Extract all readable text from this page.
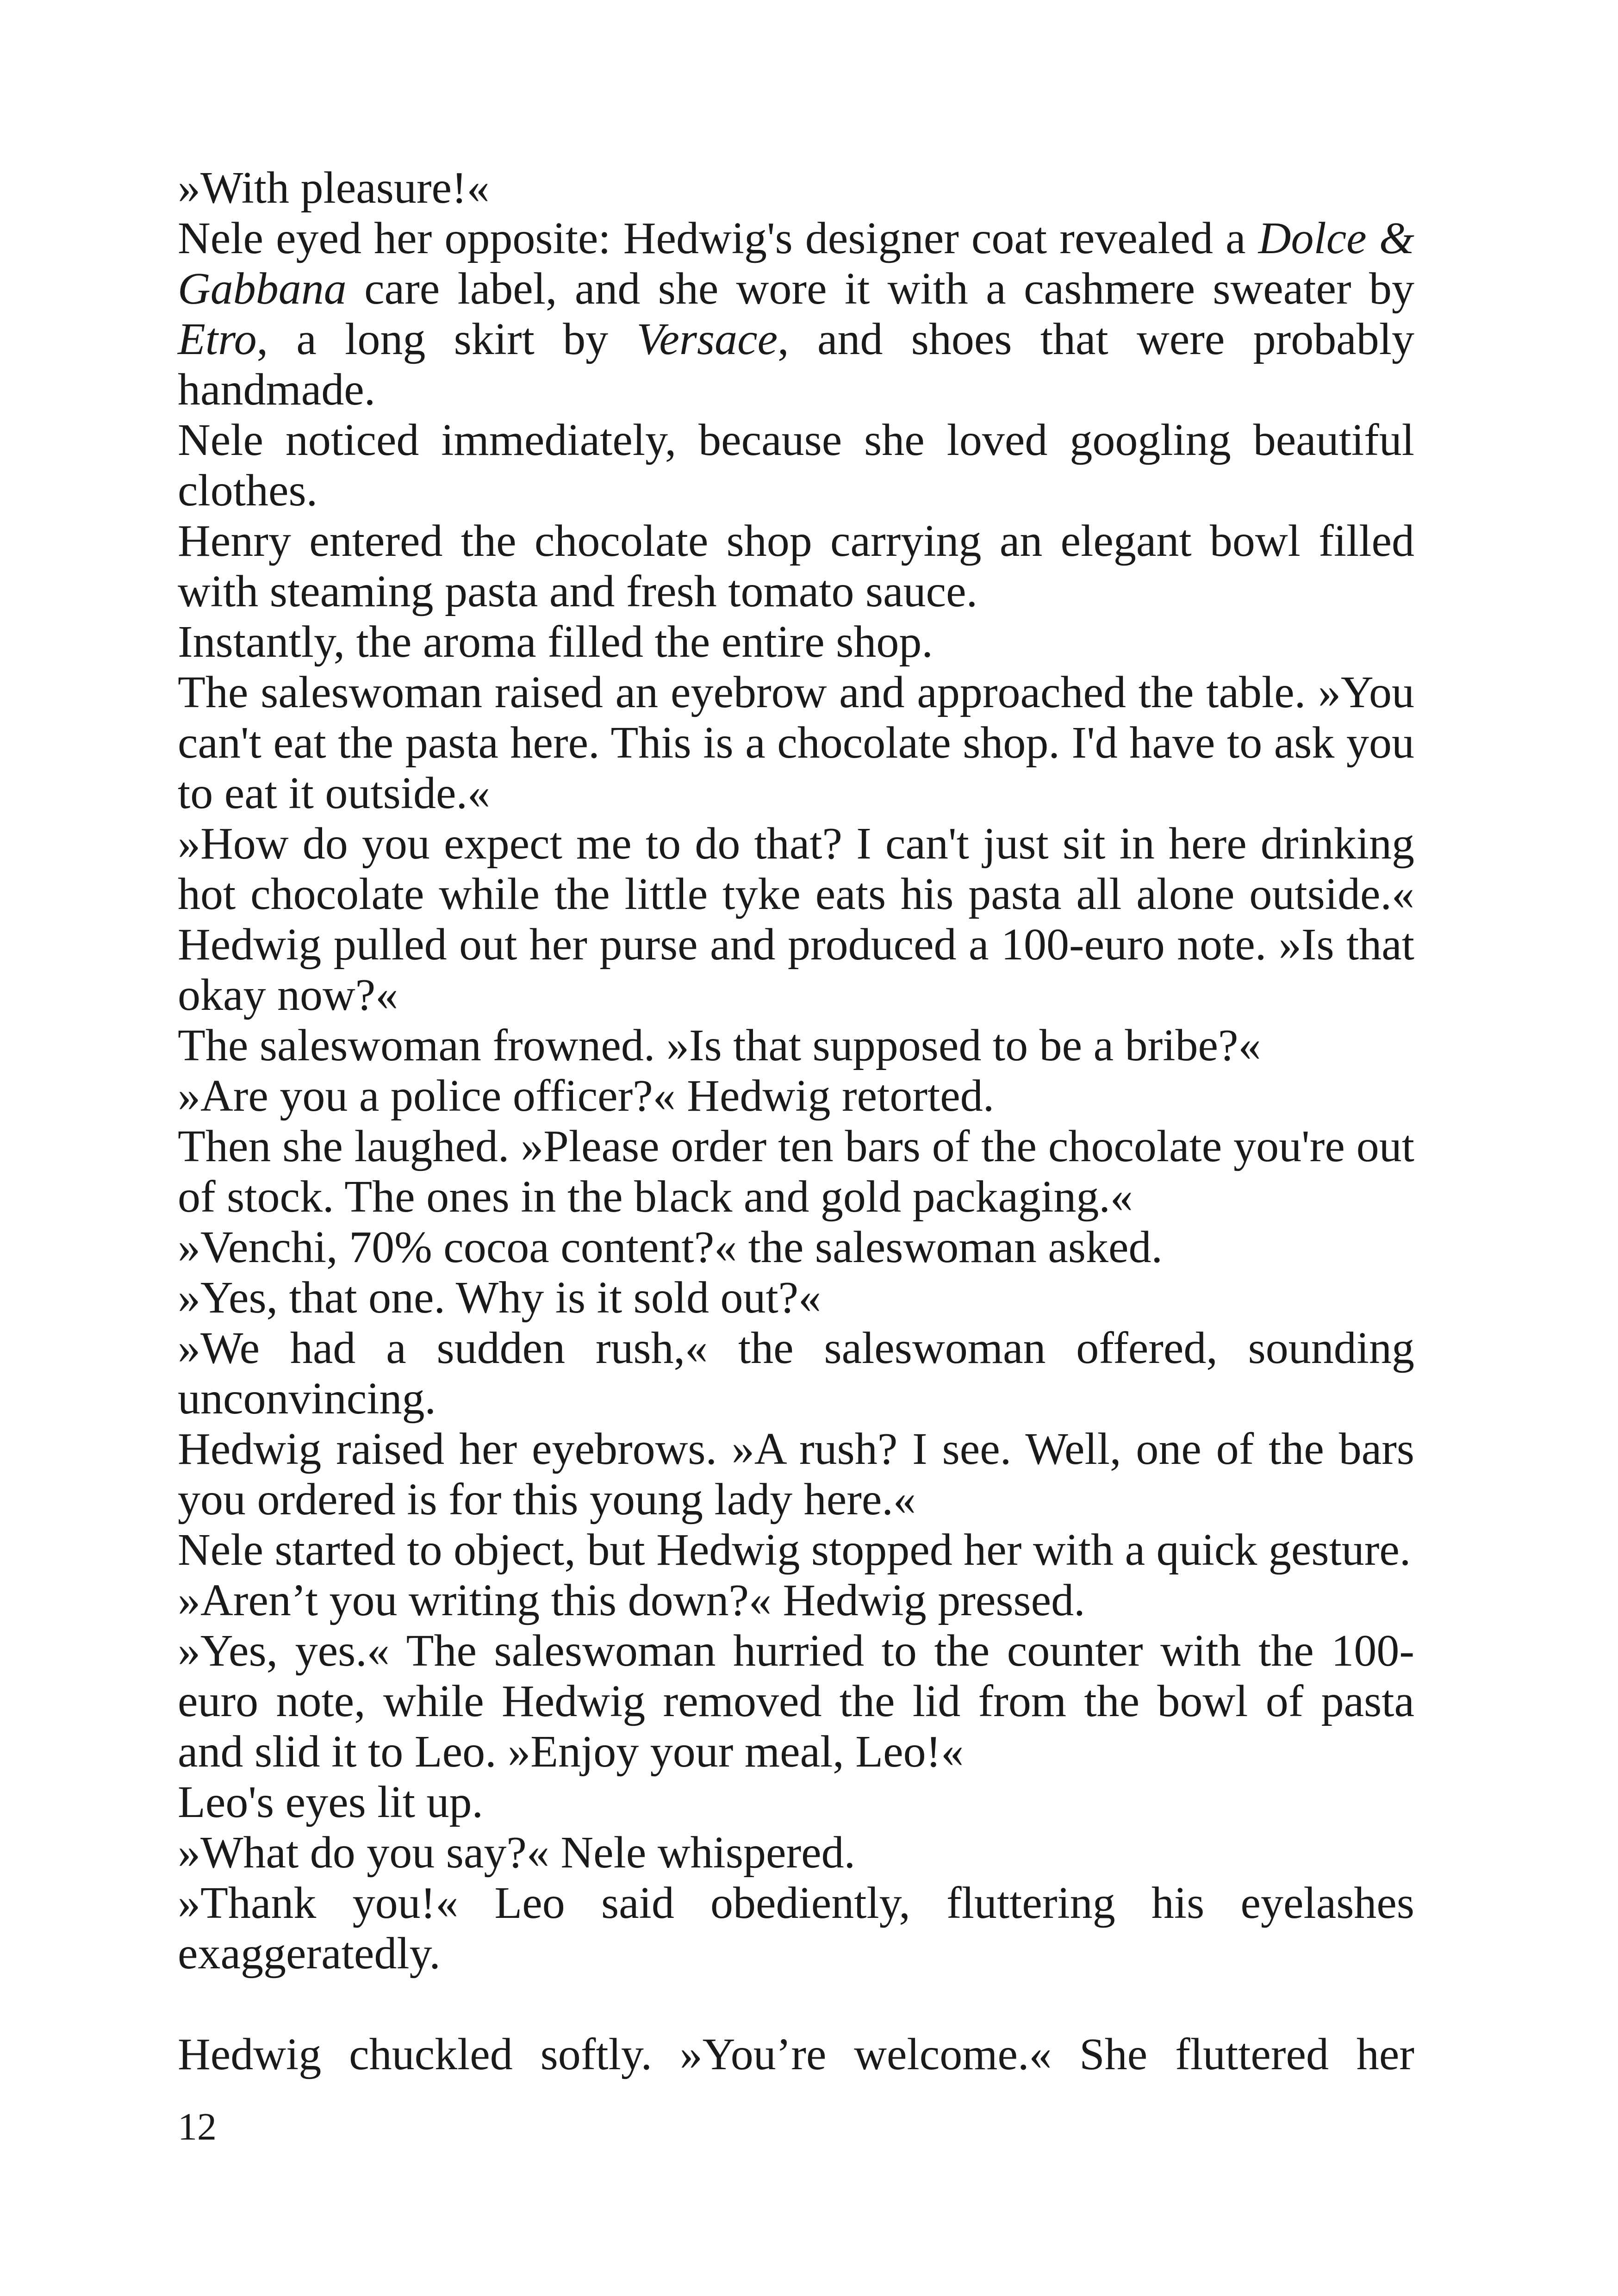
»With pleasure!«

Nele eyed her opposite: Hedwig's designer coat revealed a Dolce & Gabbana care label, and she wore it with a cashmere sweater by Etro, a long skirt by Versace, and shoes that were probably handmade.

Nele noticed immediately, because she loved googling beautiful clothes.

Henry entered the chocolate shop carrying an elegant bowl filled with steaming pasta and fresh tomato sauce.

Instantly, the aroma filled the entire shop.

The saleswoman raised an eyebrow and approached the table. »You can't eat the pasta here. This is a chocolate shop. I'd have to ask you to eat it outside.«

»How do you expect me to do that? I can't just sit in here drinking hot chocolate while the little tyke eats his pasta all alone outside.« Hedwig pulled out her purse and produced a 100-euro note. »Is that okay now?«

The saleswoman frowned. »Is that supposed to be a bribe?«

»Are you a police officer?« Hedwig retorted.

Then she laughed. »Please order ten bars of the chocolate you're out of stock. The ones in the black and gold packaging.«

»Venchi, 70% cocoa content?« the saleswoman asked.

»Yes, that one. Why is it sold out?«

»We had a sudden rush,« the saleswoman offered, sounding unconvincing.

Hedwig raised her eyebrows. »A rush? I see. Well, one of the bars you ordered is for this young lady here.«

Nele started to object, but Hedwig stopped her with a quick gesture.

»Aren’t you writing this down?« Hedwig pressed.

»Yes, yes.« The saleswoman hurried to the counter with the 100-euro note, while Hedwig removed the lid from the bowl of pasta and slid it to Leo. »Enjoy your meal, Leo!«

Leo's eyes lit up.

»What do you say?« Nele whispered.

»Thank you!« Leo said obediently, fluttering his eyelashes exaggeratedly.

Hedwig chuckled softly. »You’re welcome.« She fluttered her

12
